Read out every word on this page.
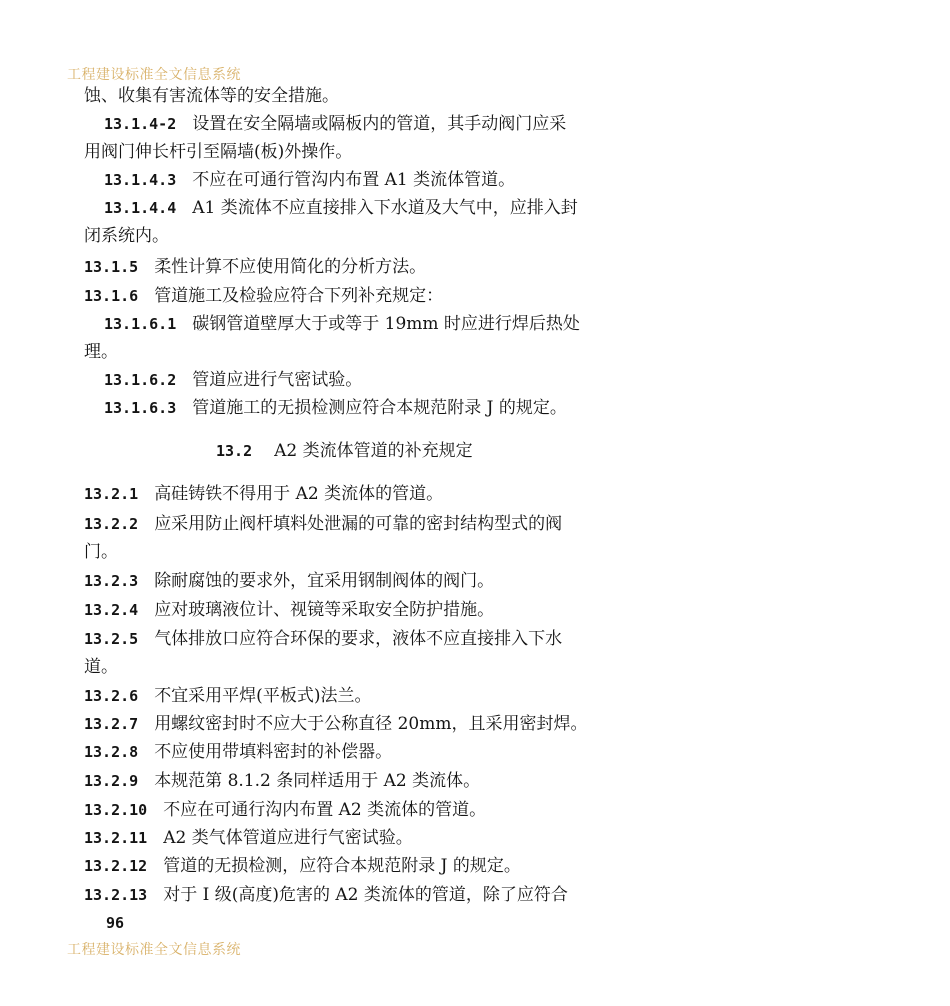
工程建设标准全文信息系统
蚀、收集有害流体等的安全措施。
13.1.4-2 设置在安全隔墙或隔板内的管道，其手动阀门应采
用阀门伸长杆引至隔墙(板)外操作。
13.1.4.3 不应在可通行管沟内布置 A1 类流体管道。
13.1.4.4 A1 类流体不应直接排入下水道及大气中，应排入封
闭系统内。
13.1.5 柔性计算不应使用简化的分析方法。
13.1.6 管道施工及检验应符合下列补充规定：
13.1.6.1 碳钢管道壁厚大于或等于 19mm 时应进行焊后热处
理。
13.1.6.2 管道应进行气密试验。
13.1.6.3 管道施工的无损检测应符合本规范附录 J 的规定。
13.2 A2 类流体管道的补充规定
13.2.1 高硅铸铁不得用于 A2 类流体的管道。
13.2.2 应采用防止阀杆填料处泄漏的可靠的密封结构型式的阀
门。
13.2.3 除耐腐蚀的要求外，宜采用钢制阀体的阀门。
13.2.4 应对玻璃液位计、视镜等采取安全防护措施。
13.2.5 气体排放口应符合环保的要求，液体不应直接排入下水
道。
13.2.6 不宜采用平焊(平板式)法兰。
13.2.7 用螺纹密封时不应大于公称直径 20mm，且采用密封焊。
13.2.8 不应使用带填料密封的补偿器。
13.2.9 本规范第 8.1.2 条同样适用于 A2 类流体。
13.2.10 不应在可通行沟内布置 A2 类流体的管道。
13.2.11 A2 类气体管道应进行气密试验。
13.2.12 管道的无损检测，应符合本规范附录 J 的规定。
13.2.13 对于 I 级(高度)危害的 A2 类流体的管道，除了应符合
96
工程建设标准全文信息系统
